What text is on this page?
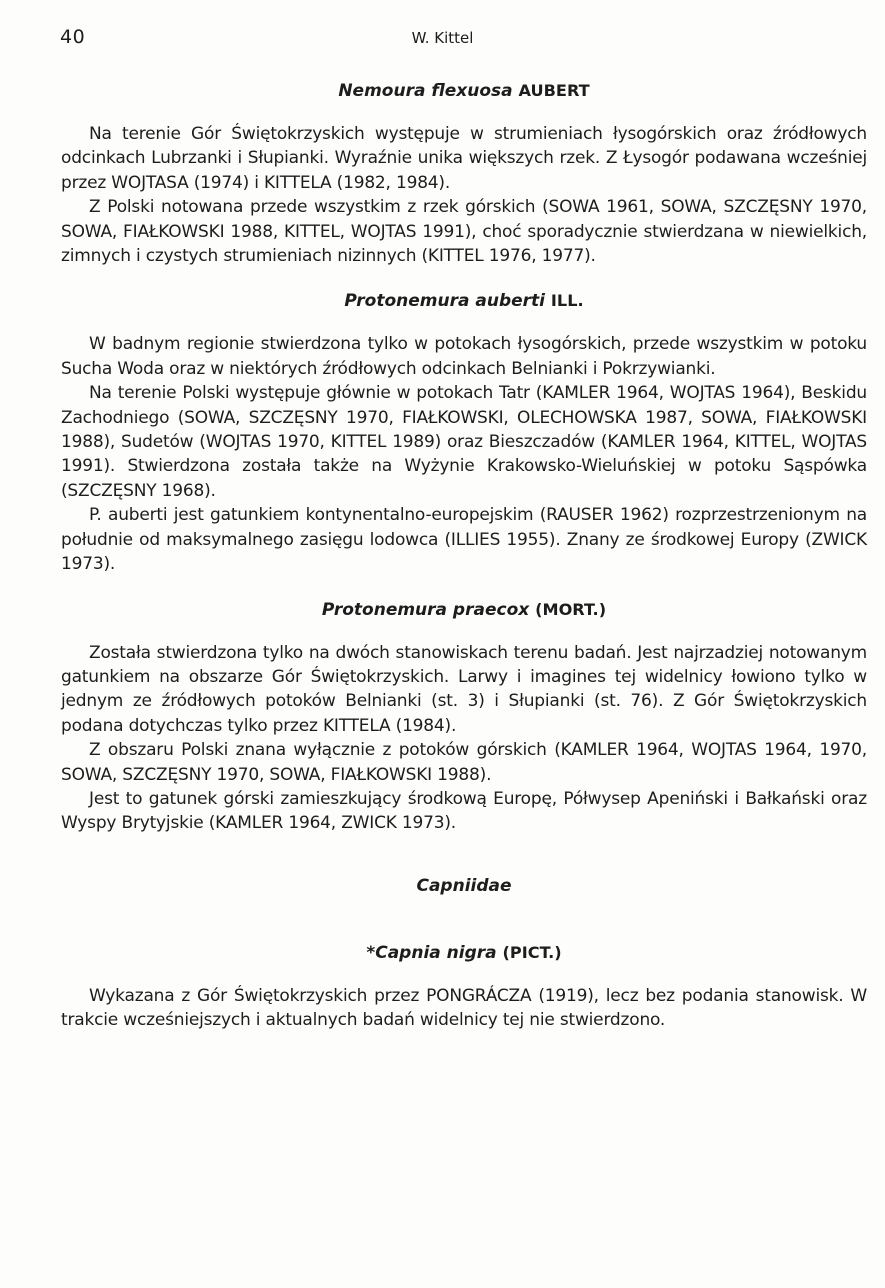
40	W. Kittel
Nemoura flexuosa AUBERT

Na terenie Gór Świętokrzyskich występuje w strumieniach łysogórskich oraz źródłowych odcinkach Lubrzanki i Słupianki. Wyraźnie unika większych rzek. Z Łysogór podawana wcześniej przez WOJTASA (1974) i KITTELA (1982, 1984).

Z Polski notowana przede wszystkim z rzek górskich (SOWA 1961, SOWA, SZCZĘSNY 1970, SOWA, FIAŁKOWSKI 1988, KITTEL, WOJTAS 1991), choć sporadycznie stwierdzana w niewielkich, zimnych i czystych strumieniach nizinnych (KITTEL 1976, 1977).

Protonemura auberti ILL.

W badnym regionie stwierdzona tylko w potokach łysogórskich, przede wszystkim w potoku Sucha Woda oraz w niektórych źródłowych odcinkach Belnianki i Pokrzywianki.

Na terenie Polski występuje głównie w potokach Tatr (KAMLER 1964, WOJTAS 1964), Beskidu Zachodniego (SOWA, SZCZĘSNY 1970, FIAŁKOWSKI, OLECHOWSKA 1987, SOWA, FIAŁKOWSKI 1988), Sudetów (WOJTAS 1970, KITTEL 1989) oraz Bieszczadów (KAMLER 1964, KITTEL, WOJTAS 1991). Stwierdzona została także na Wyżynie Krakowsko-Wieluńskiej w potoku Sąspówka (SZCZĘSNY 1968).

P. auberti jest gatunkiem kontynentalno-europejskim (RAUSER 1962) rozprzestrzenionym na południe od maksymalnego zasięgu lodowca (ILLIES 1955). Znany ze środkowej Europy (ZWICK 1973).

Protonemura praecox (MORT.)

Została stwierdzona tylko na dwóch stanowiskach terenu badań. Jest najrzadziej notowanym gatunkiem na obszarze Gór Świętokrzyskich. Larwy i imagines tej widelnicy łowiono tylko w jednym ze źródłowych potoków Belnianki (st. 3) i Słupianki (st. 76). Z Gór Świętokrzyskich podana dotychczas tylko przez KITTELA (1984).

Z obszaru Polski znana wyłącznie z potoków górskich (KAMLER 1964, WOJTAS 1964, 1970, SOWA, SZCZĘSNY 1970, SOWA, FIAŁKOWSKI 1988).

Jest to gatunek górski zamieszkujący środkową Europę, Półwysep Apeniński i Bałkański oraz Wyspy Brytyjskie (KAMLER 1964, ZWICK 1973).

Capniidae
*Capnia nigra (PICT.)

Wykazana z Gór Świętokrzyskich przez PONGRÁCZA (1919), lecz bez podania stanowisk. W trakcie wcześniejszych i aktualnych badań widelnicy tej nie stwierdzono.
